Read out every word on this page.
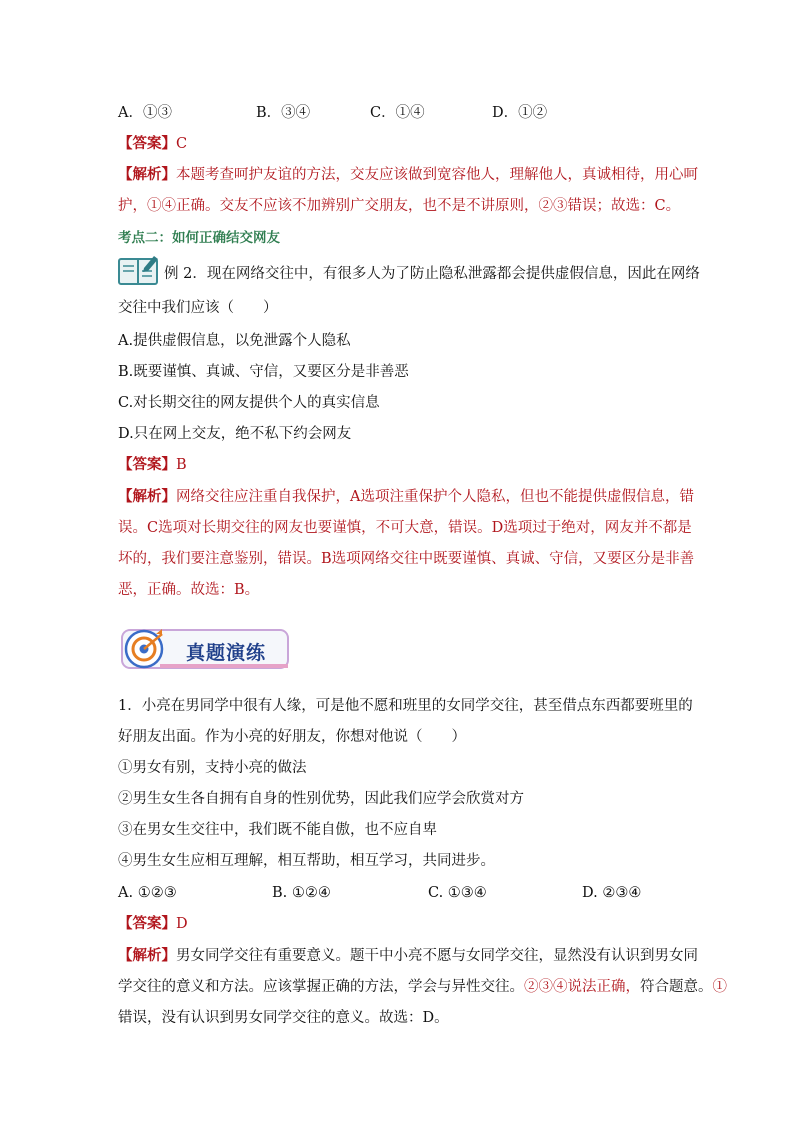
A．①③	B．③④	C．①④	D．①②
【答案】C
【解析】本题考查呵护友谊的方法，交友应该做到宽容他人，理解他人，真诚相待，用心呵
护，①④正确。交友不应该不加辨别广交朋友，也不是不讲原则，②③错误；故选：C。
考点二：如何正确结交网友
例 2．现在网络交往中，有很多人为了防止隐私泄露都会提供虚假信息，因此在网络
交往中我们应该（　　）
A.提供虚假信息，以免泄露个人隐私
B.既要谨慎、真诚、守信，又要区分是非善恶
C.对长期交往的网友提供个人的真实信息
D.只在网上交友，绝不私下约会网友
【答案】B
【解析】网络交往应注重自我保护，A选项注重保护个人隐私，但也不能提供虚假信息，错
误。C选项对长期交往的网友也要谨慎，不可大意，错误。D选项过于绝对，网友并不都是
坏的，我们要注意鉴别，错误。B选项网络交往中既要谨慎、真诚、守信，又要区分是非善
恶，正确。故选：B。
真题演练
1．小亮在男同学中很有人缘，可是他不愿和班里的女同学交往，甚至借点东西都要班里的
好朋友出面。作为小亮的好朋友，你想对他说（　　）
①男女有别，支持小亮的做法
②男生女生各自拥有自身的性别优势，因此我们应学会欣赏对方
③在男女生交往中，我们既不能自傲，也不应自卑
④男生女生应相互理解，相互帮助，相互学习，共同进步。
A. ①②③	B. ①②④	C. ①③④	D. ②③④
【答案】D
【解析】男女同学交往有重要意义。题干中小亮不愿与女同学交往，显然没有认识到男女同
学交往的意义和方法。应该掌握正确的方法，学会与异性交往。②③④说法正确，符合题意。①
错误，没有认识到男女同学交往的意义。故选：D。
